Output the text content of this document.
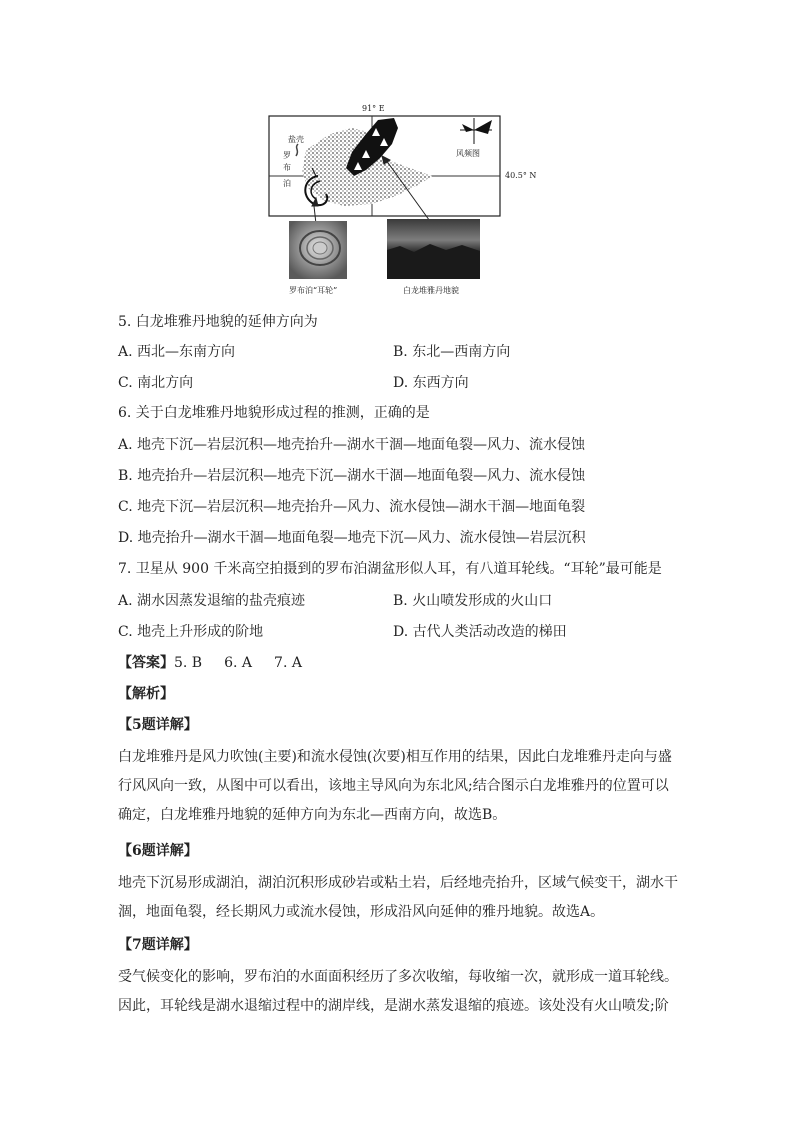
91° E
40.5° N
盐壳
罗
布
泊
风频图
罗布泊“耳轮”	白龙堆雅丹地貌
5. 白龙堆雅丹地貌的延伸方向为
A. 西北—东南方向	B. 东北—西南方向
C. 南北方向	D. 东西方向
6. 关于白龙堆雅丹地貌形成过程的推测，正确的是
A. 地壳下沉—岩层沉积—地壳抬升—湖水干涸—地面龟裂—风力、流水侵蚀
B. 地壳抬升—岩层沉积—地壳下沉—湖水干涸—地面龟裂—风力、流水侵蚀
C. 地壳下沉—岩层沉积—地壳抬升—风力、流水侵蚀—湖水干涸—地面龟裂
D. 地壳抬升—湖水干涸—地面龟裂—地壳下沉—风力、流水侵蚀—岩层沉积
7. 卫星从 900 千米高空拍摄到的罗布泊湖盆形似人耳，有八道耳轮线。“耳轮”最可能是
A. 湖水因蒸发退缩的盐壳痕迹	B. 火山喷发形成的火山口
C. 地壳上升形成的阶地	D. 古代人类活动改造的梯田
【答案】5. B 6. A 7. A
【解析】
【5题详解】
白龙堆雅丹是风力吹蚀(主要)和流水侵蚀(次要)相互作用的结果，因此白龙堆雅丹走向与盛行风风向一致，从图中可以看出，该地主导风向为东北风;结合图示白龙堆雅丹的位置可以确定，白龙堆雅丹地貌的延伸方向为东北—西南方向，故选B。
【6题详解】
地壳下沉易形成湖泊，湖泊沉积形成砂岩或粘土岩，后经地壳抬升，区域气候变干，湖水干涸，地面龟裂，经长期风力或流水侵蚀，形成沿风向延伸的雅丹地貌。故选A。
【7题详解】
受气候变化的影响，罗布泊的水面面积经历了多次收缩，每收缩一次，就形成一道耳轮线。因此，耳轮线是湖水退缩过程中的湖岸线，是湖水蒸发退缩的痕迹。该处没有火山喷发;阶
